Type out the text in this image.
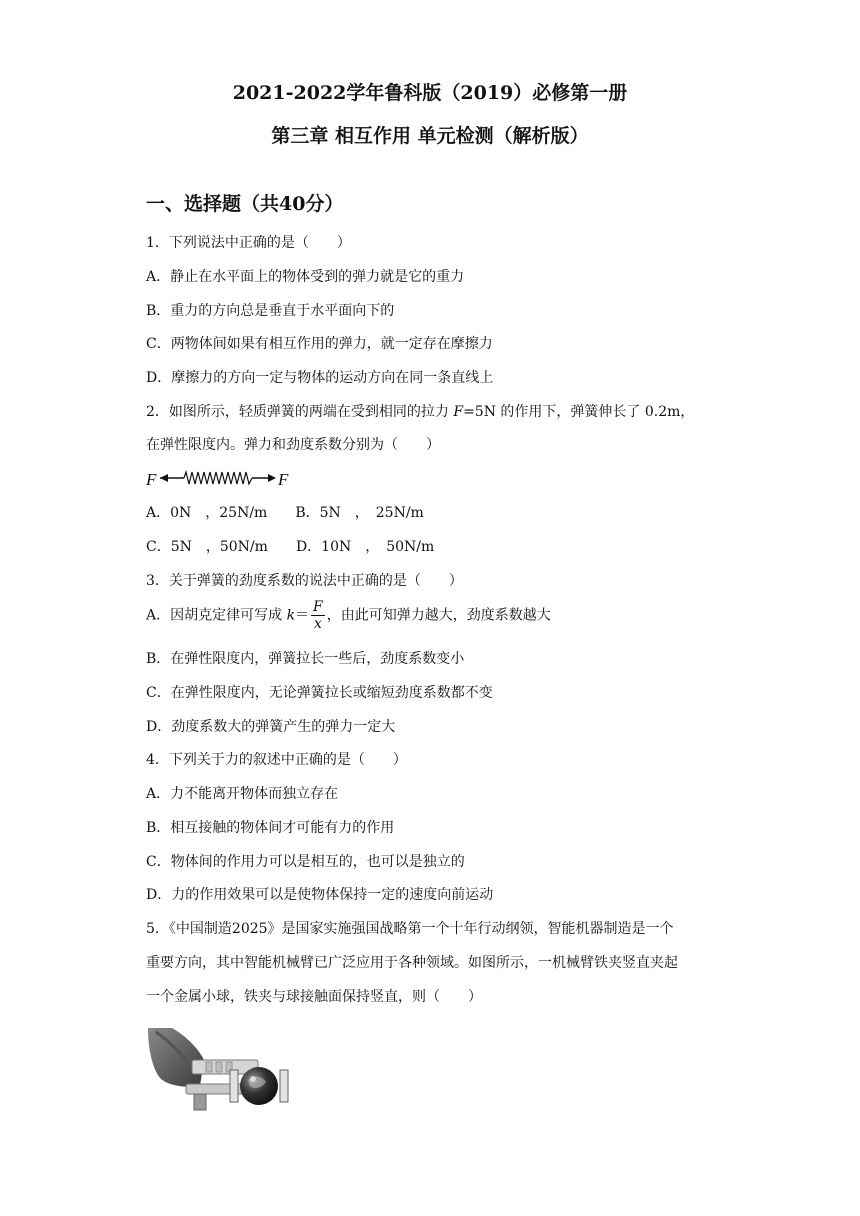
2021-2022学年鲁科版（2019）必修第一册
第三章 相互作用 单元检测（解析版）
一、选择题（共40分）
1．下列说法中正确的是（　　）
A．静止在水平面上的物体受到的弹力就是它的重力
B．重力的方向总是垂直于水平面向下的
C．两物体间如果有相互作用的弹力，就一定存在摩擦力
D．摩擦力的方向一定与物体的运动方向在同一条直线上
2．如图所示，轻质弹簧的两端在受到相同的拉力 F=5N 的作用下，弹簧伸长了 0.2m，
在弹性限度内。弹力和劲度系数分别为（　　）
F	F
A．0N　，25N/m B．5N　，　25N/m
C．5N　，50N/m D．10N　，　50N/m
3．关于弹簧的劲度系数的说法中正确的是（　　）
A．因胡克定律可写成 $k= \frac{F}{x}$ ，由此可知弹力越大，劲度系数越大
B．在弹性限度内，弹簧拉长一些后，劲度系数变小
C．在弹性限度内，无论弹簧拉长或缩短劲度系数都不变
D．劲度系数大的弹簧产生的弹力一定大
4．下列关于力的叙述中正确的是（　　）
A．力不能离开物体而独立存在
B．相互接触的物体间才可能有力的作用
C．物体间的作用力可以是相互的，也可以是独立的
D．力的作用效果可以是使物体保持一定的速度向前运动
5．《中国制造2025》是国家实施强国战略第一个十年行动纲领，智能机器制造是一个
重要方向，其中智能机械臂已广泛应用于各种领域。如图所示，一机械臂铁夹竖直夹起
一个金属小球，铁夹与球接触面保持竖直，则（　　）
